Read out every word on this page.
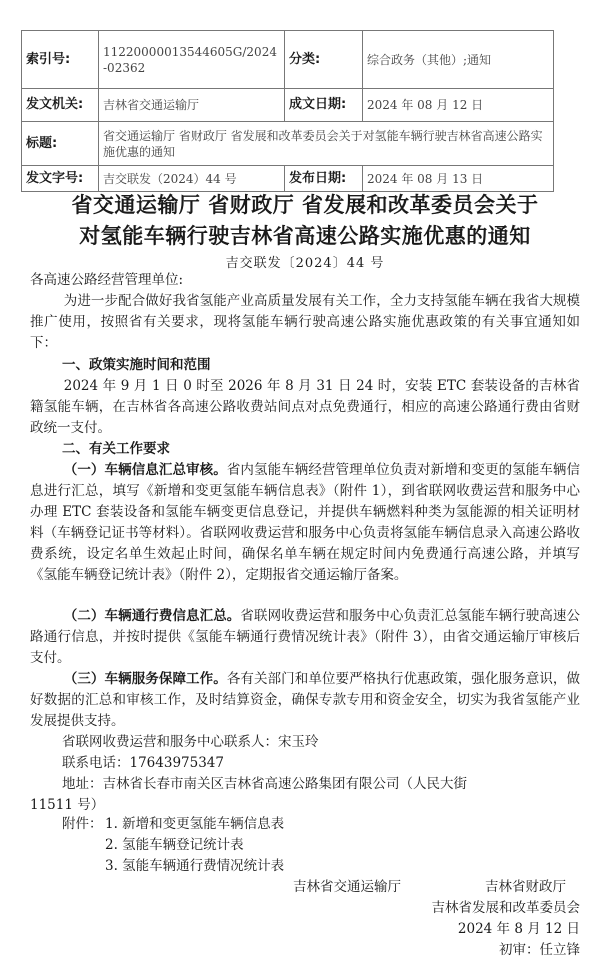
索引号:	11220000013544605G/2024-02362	分类:	综合政务（其他）;通知
发文机关:	吉林省交通运输厅	成文日期:	2024 年 08 月 12 日
标题:	省交通运输厅 省财政厅 省发展和改革委员会关于对氢能车辆行驶吉林省高速公路实施优惠的通知		
发文字号:	吉交联发（2024）44 号	发布日期:	2024 年 08 月 13 日
省交通运输厅 省财政厅 省发展和改革委员会关于
对氢能车辆行驶吉林省高速公路实施优惠的通知
吉交联发〔2024〕44 号
各高速公路经营管理单位:

为进一步配合做好我省氢能产业高质量发展有关工作，全力支持氢能车辆在我省大规模推广使用，按照省有关要求，现将氢能车辆行驶高速公路实施优惠政策的有关事宜通知如下：

一、政策实施时间和范围

2024 年 9 月 1 日 0 时至 2026 年 8 月 31 日 24 时，安装 ETC 套装设备的吉林省籍氢能车辆，在吉林省各高速公路收费站间点对点免费通行，相应的高速公路通行费由省财政统一支付。

二、有关工作要求

（一）车辆信息汇总审核。省内氢能车辆经营管理单位负责对新增和变更的氢能车辆信息进行汇总，填写《新增和变更氢能车辆信息表》（附件 1），到省联网收费运营和服务中心办理 ETC 套装设备和氢能车辆变更信息登记，并提供车辆燃料种类为氢能源的相关证明材料（车辆登记证书等材料）。省联网收费运营和服务中心负责将氢能车辆信息录入高速公路收费系统，设定名单生效起止时间，确保名单车辆在规定时间内免费通行高速公路，并填写《氢能车辆登记统计表》（附件 2），定期报省交通运输厅备案。

（二）车辆通行费信息汇总。省联网收费运营和服务中心负责汇总氢能车辆行驶高速公路通行信息，并按时提供《氢能车辆通行费情况统计表》（附件 3），由省交通运输厅审核后支付。

（三）车辆服务保障工作。各有关部门和单位要严格执行优惠政策，强化服务意识，做好数据的汇总和审核工作，及时结算资金，确保专款专用和资金安全，切实为我省氢能产业发展提供支持。

省联网收费运营和服务中心联系人：宋玉玲
联系电话：17643975347
地址：吉林省长春市南关区吉林省高速公路集团有限公司（人民大街
11511 号）
附件： 1. 新增和变更氢能车辆信息表
2. 氢能车辆登记统计表
3. 氢能车辆通行费情况统计表
吉林省交通运输厅	吉林省财政厅
吉林省发展和改革委员会
2024 年 8 月 12 日
初审：任立锋
